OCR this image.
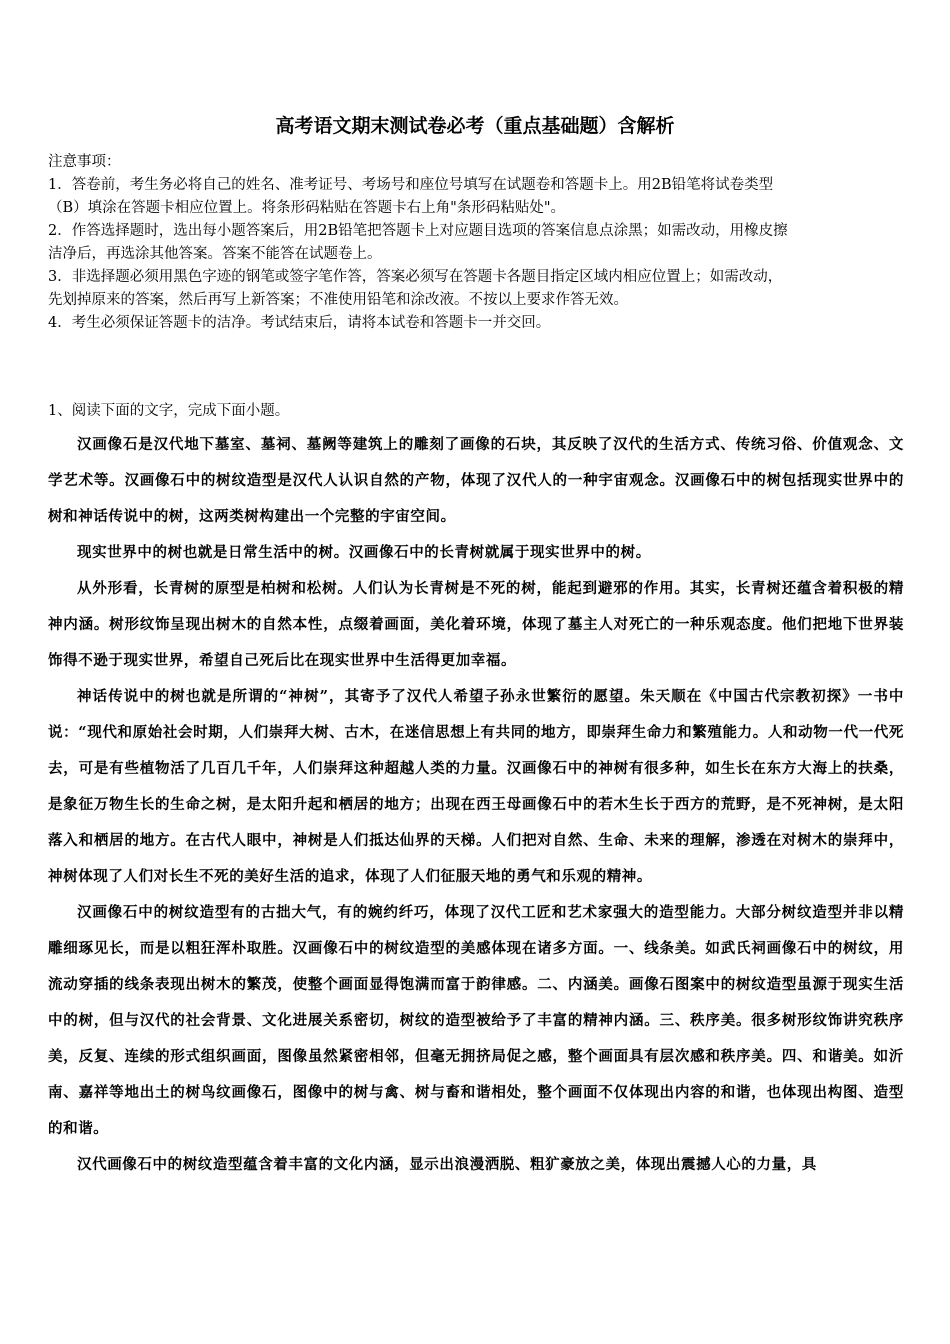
高考语文期末测试卷必考（重点基础题）含解析
注意事项：
1．答卷前，考生务必将自己的姓名、准考证号、考场号和座位号填写在试题卷和答题卡上。用2B铅笔将试卷类型
（B）填涂在答题卡相应位置上。将条形码粘贴在答题卡右上角"条形码粘贴处"。
2．作答选择题时，选出每小题答案后，用2B铅笔把答题卡上对应题目选项的答案信息点涂黑；如需改动，用橡皮擦
洁净后，再选涂其他答案。答案不能答在试题卷上。
3．非选择题必须用黑色字迹的钢笔或签字笔作答，答案必须写在答题卡各题目指定区域内相应位置上；如需改动，
先划掉原来的答案，然后再写上新答案；不准使用铅笔和涂改液。不按以上要求作答无效。
4．考生必须保证答题卡的洁净。考试结束后，请将本试卷和答题卡一并交回。
1、阅读下面的文字，完成下面小题。

汉画像石是汉代地下墓室、墓祠、墓阙等建筑上的雕刻了画像的石块，其反映了汉代的生活方式、传统习俗、价值观念、文学艺术等。汉画像石中的树纹造型是汉代人认识自然的产物，体现了汉代人的一种宇宙观念。汉画像石中的树包括现实世界中的树和神话传说中的树，这两类树构建出一个完整的宇宙空间。

现实世界中的树也就是日常生活中的树。汉画像石中的长青树就属于现实世界中的树。

从外形看，长青树的原型是柏树和松树。人们认为长青树是不死的树，能起到避邪的作用。其实，长青树还蕴含着积极的精神内涵。树形纹饰呈现出树木的自然本性，点缀着画面，美化着环境，体现了墓主人对死亡的一种乐观态度。他们把地下世界装饰得不逊于现实世界，希望自己死后比在现实世界中生活得更加幸福。

神话传说中的树也就是所谓的“神树”，其寄予了汉代人希望子孙永世繁衍的愿望。朱天顺在《中国古代宗教初探》一书中说：“现代和原始社会时期，人们崇拜大树、古木，在迷信思想上有共同的地方，即崇拜生命力和繁殖能力。人和动物一代一代死去，可是有些植物活了几百几千年，人们崇拜这种超越人类的力量。汉画像石中的神树有很多种，如生长在东方大海上的扶桑，是象征万物生长的生命之树，是太阳升起和栖居的地方；出现在西王母画像石中的若木生长于西方的荒野，是不死神树，是太阳落入和栖居的地方。在古代人眼中，神树是人们抵达仙界的天梯。人们把对自然、生命、未来的理解，渗透在对树木的崇拜中，神树体现了人们对长生不死的美好生活的追求，体现了人们征服天地的勇气和乐观的精神。

汉画像石中的树纹造型有的古拙大气，有的婉约纤巧，体现了汉代工匠和艺术家强大的造型能力。大部分树纹造型并非以精雕细琢见长，而是以粗狂浑朴取胜。汉画像石中的树纹造型的美感体现在诸多方面。一、线条美。如武氏祠画像石中的树纹，用流动穿插的线条表现出树木的繁茂，使整个画面显得饱满而富于韵律感。二、内涵美。画像石图案中的树纹造型虽源于现实生活中的树，但与汉代的社会背景、文化进展关系密切，树纹的造型被给予了丰富的精神内涵。三、秩序美。很多树形纹饰讲究秩序美，反复、连续的形式组织画面，图像虽然紧密相邻，但毫无拥挤局促之感，整个画面具有层次感和秩序美。四、和谐美。如沂南、嘉祥等地出土的树鸟纹画像石，图像中的树与禽、树与畜和谐相处，整个画面不仅体现出内容的和谐，也体现出构图、造型的和谐。

汉代画像石中的树纹造型蕴含着丰富的文化内涵，显示出浪漫洒脱、粗犷豪放之美，体现出震撼人心的力量，具
